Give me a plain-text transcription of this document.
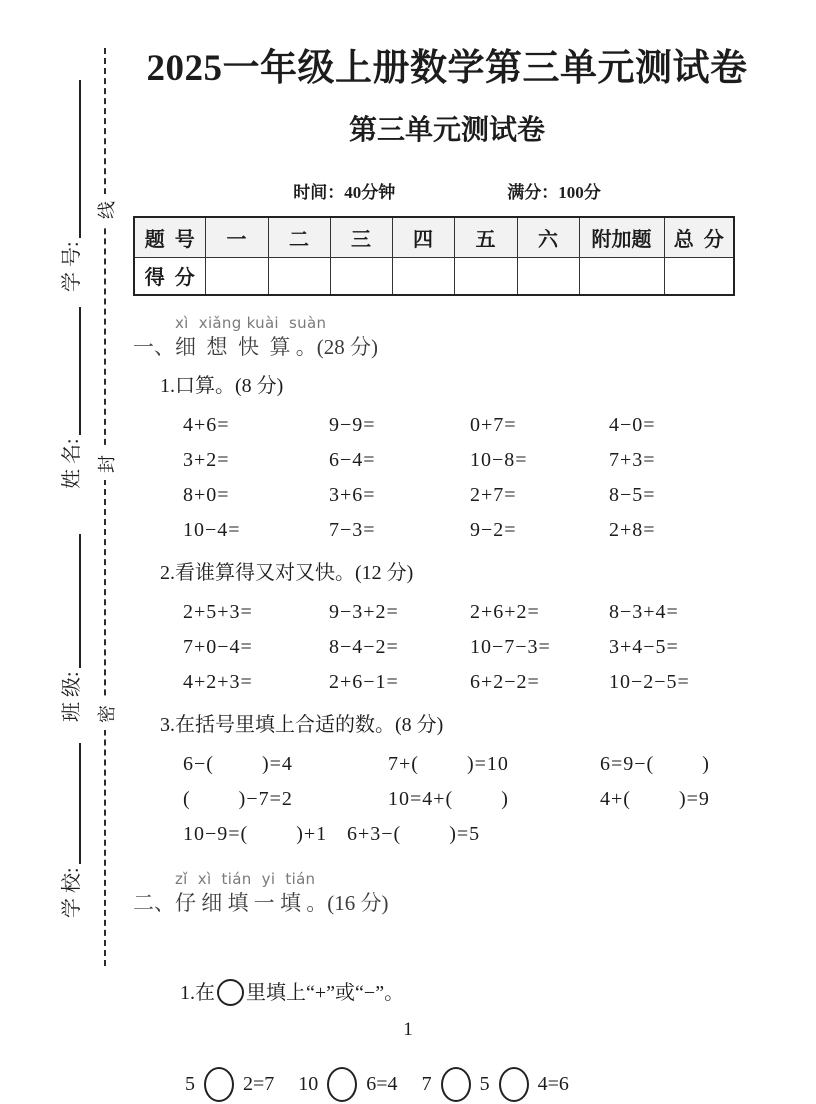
线
封
密
学 号:
姓 名:
班 级:
学 校:
2025一年级上册数学第三单元测试卷
第三单元测试卷
时间：40分钟	满分：100分
题  号	一	二	三	四	五	六	附加题	总  分
得  分								
xì  xiǎng kuài  suàn
一、细  想  快  算 。(28 分)
1.口算。(8 分)
4+6=	9−9=	0+7=	4−0=
3+2=	6−4=	10−8=	7+3=
8+0=	3+6=	2+7=	8−5=
10−4=	7−3=	9−2=	2+8=
2.看谁算得又对又快。(12 分)
2+5+3=	9−3+2=	2+6+2=	8−3+4=
7+0−4=	8−4−2=	10−7−3=	3+4−5=
4+2+3=	2+6−1=	6+2−2=	10−2−5=
3.在括号里填上合适的数。(8 分)
6−(        )=4	7+(        )=10	6=9−(        )
(        )−7=2	10=4+(        )	4+(        )=9
10−9=(        )+1 6+3−(        )=5
zǐ  xì  tián  yi  tián
二、仔 细 填 一 填 。(16 分)

1.在 里填上“+”或“−”。

5 2=7 10 6=4 7 5 4=6
1
